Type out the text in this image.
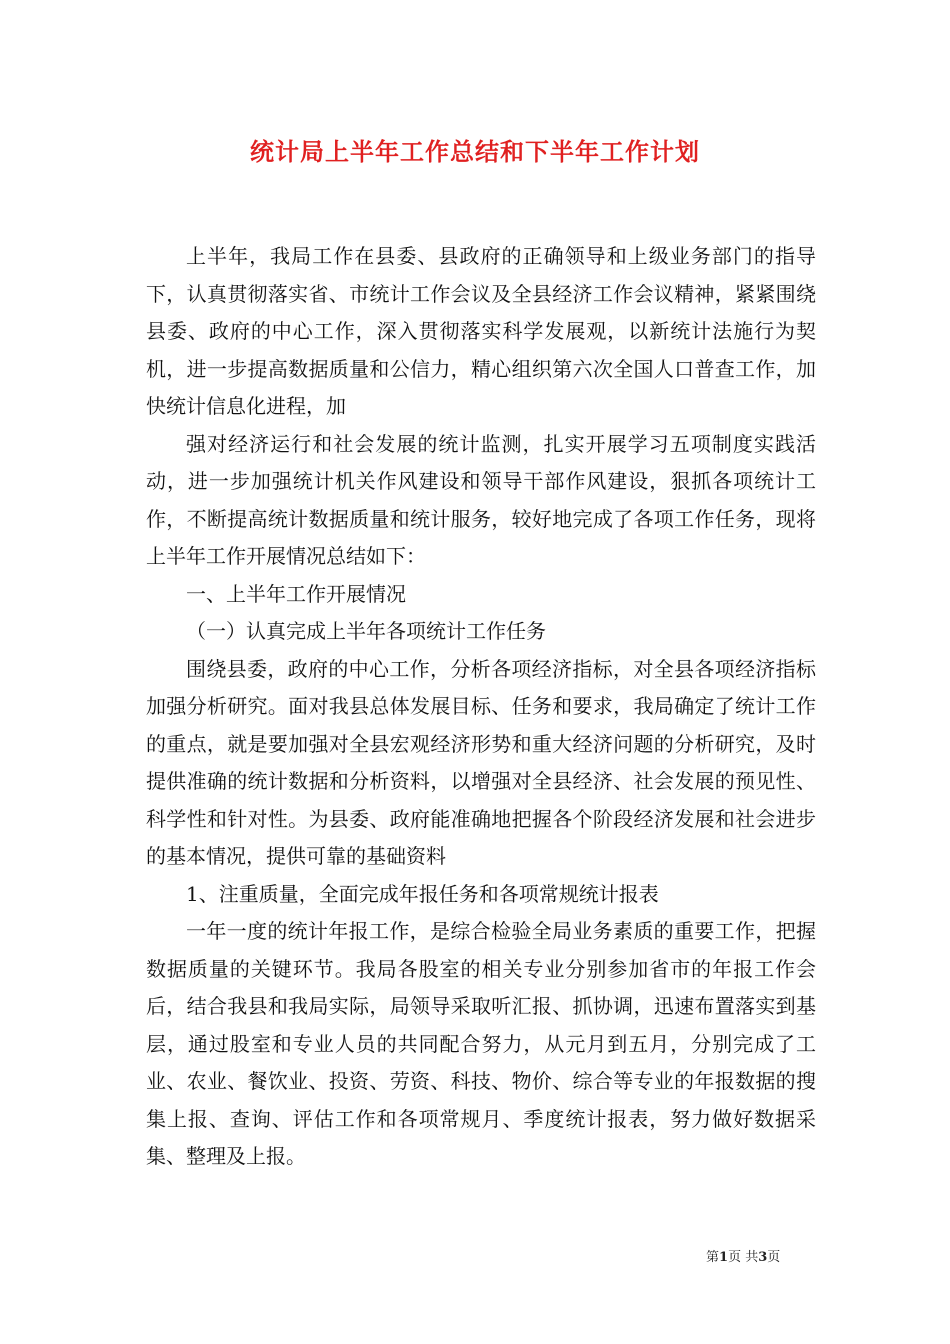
统计局上半年工作总结和下半年工作计划

上半年，我局工作在县委、县政府的正确领导和上级业务部门的指导下，认真贯彻落实省、市统计工作会议及全县经济工作会议精神，紧紧围绕县委、政府的中心工作，深入贯彻落实科学发展观，以新统计法施行为契机，进一步提高数据质量和公信力，精心组织第六次全国人口普查工作，加快统计信息化进程，加

强对经济运行和社会发展的统计监测，扎实开展学习五项制度实践活动，进一步加强统计机关作风建设和领导干部作风建设，狠抓各项统计工作，不断提高统计数据质量和统计服务，较好地完成了各项工作任务，现将上半年工作开展情况总结如下：

一、上半年工作开展情况

（一）认真完成上半年各项统计工作任务

围绕县委，政府的中心工作，分析各项经济指标，对全县各项经济指标加强分析研究。面对我县总体发展目标、任务和要求，我局确定了统计工作的重点，就是要加强对全县宏观经济形势和重大经济问题的分析研究，及时提供准确的统计数据和分析资料，以增强对全县经济、社会发展的预见性、科学性和针对性。为县委、政府能准确地把握各个阶段经济发展和社会进步的基本情况，提供可靠的基础资料

1、注重质量，全面完成年报任务和各项常规统计报表

一年一度的统计年报工作，是综合检验全局业务素质的重要工作，把握数据质量的关键环节。我局各股室的相关专业分别参加省市的年报工作会后，结合我县和我局实际，局领导采取听汇报、抓协调，迅速布置落实到基层，通过股室和专业人员的共同配合努力，从元月到五月，分别完成了工业、农业、餐饮业、投资、劳资、科技、物价、综合等专业的年报数据的搜集上报、查询、评估工作和各项常规月、季度统计报表，努力做好数据采集、整理及上报。

第1页 共3页
